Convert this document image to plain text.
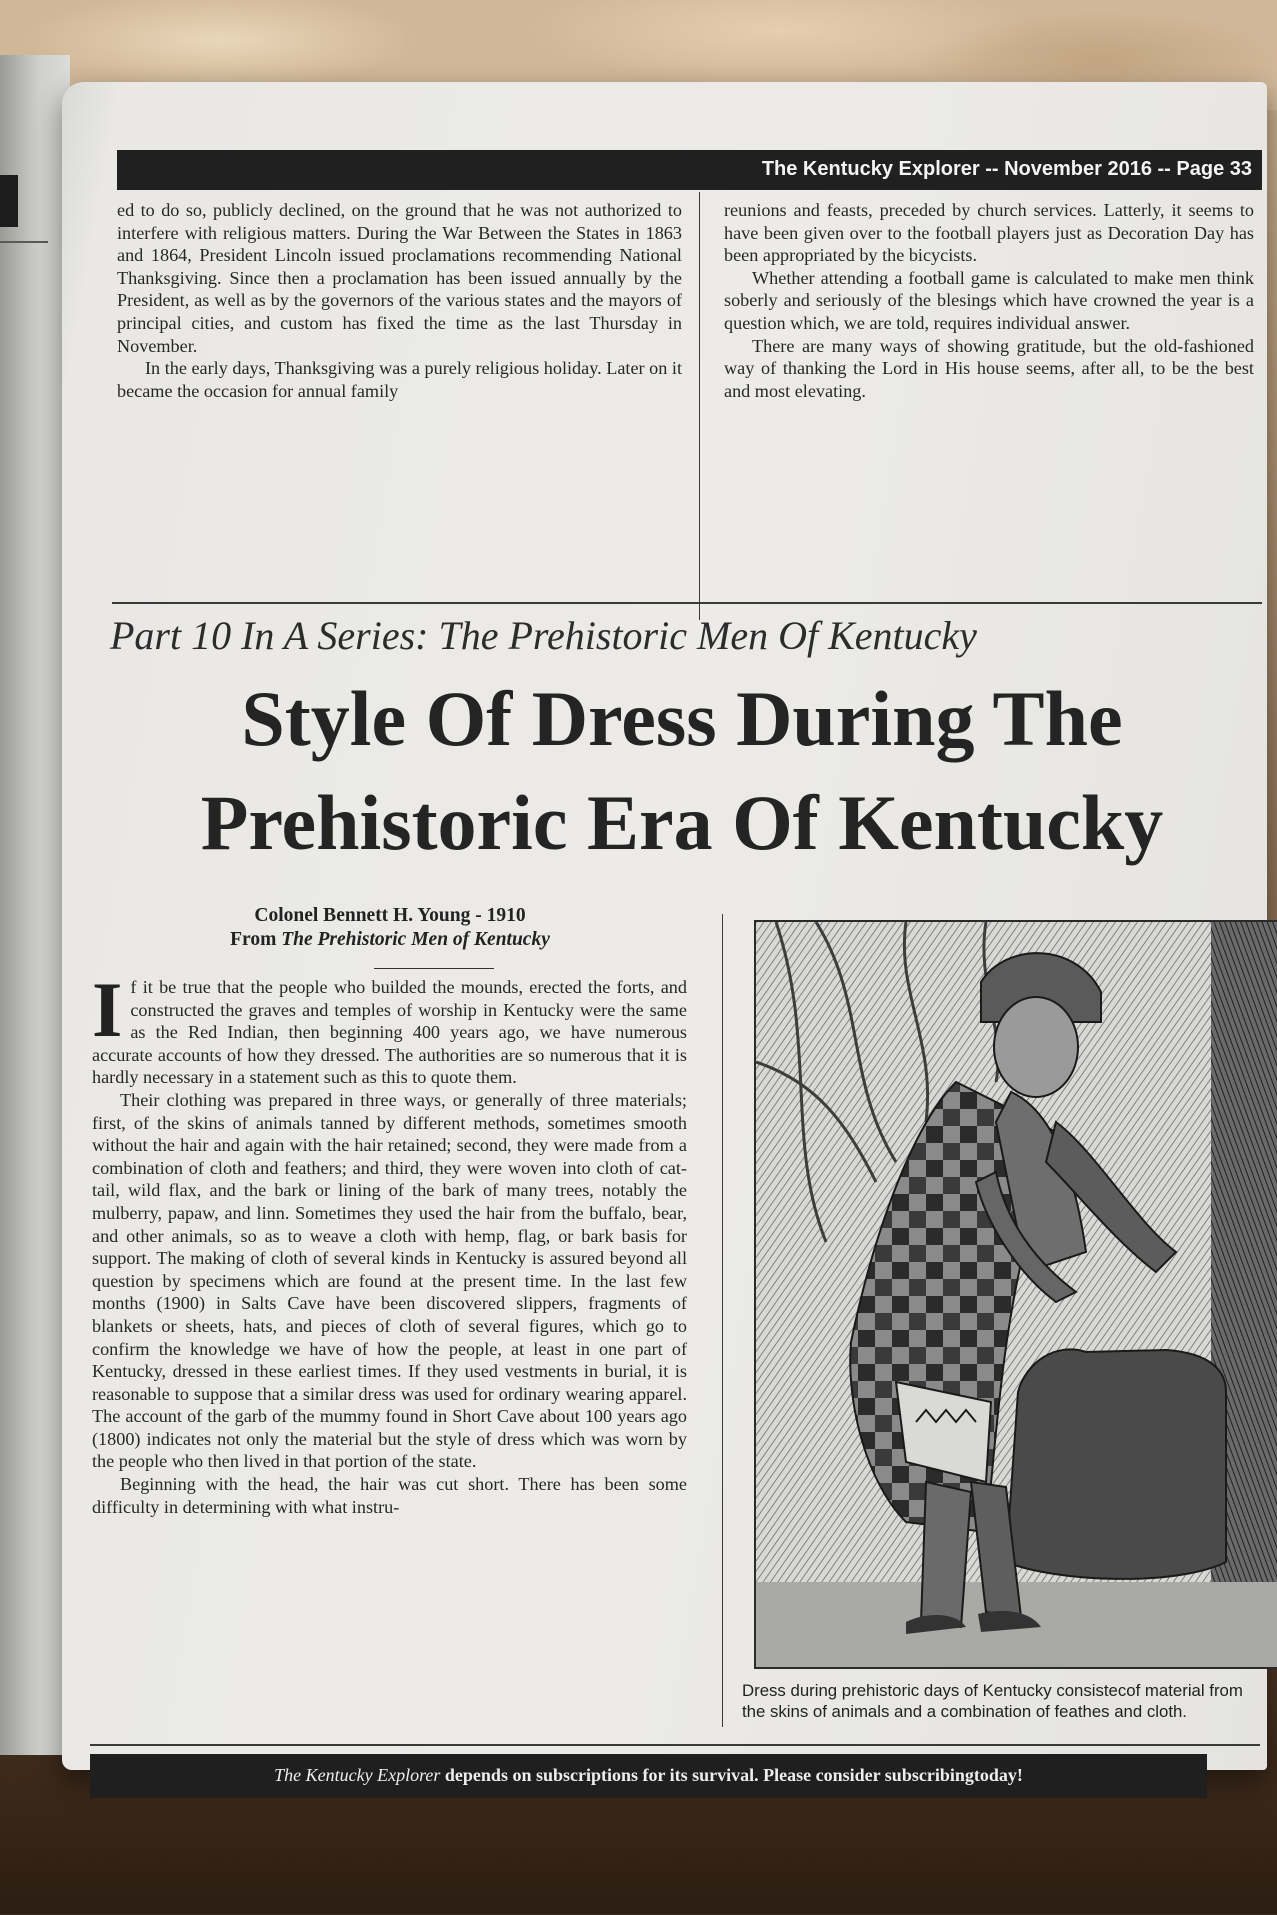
The Kentucky Explorer -- November 2016 -- Page 33

ed to do so, publicly declined, on the ground that he was not authorized to interfere with religious matters. During the War Between the States in 1863 and 1864, President Lincoln issued proclamations recommending National Thanksgiving. Since then a proclamation has been issued annually by the President, as well as by the governors of the various states and the mayors of principal cities, and custom has fixed the time as the last Thursday in November.

In the early days, Thanksgiving was a purely religious holiday. Later on it became the occasion for annual family

reunions and feasts, preceded by church services. Latterly, it seems to have been given over to the football players just as Decoration Day has been appropriated by the bicycists.

Whether attending a football game is calculated to make men think soberly and seriously of the blesings which have crowned the year is a question which, we are told, requires individual answer.

There are many ways of showing gratitude, but the old-fashioned way of thanking the Lord in His house seems, after all, to be the best and most elevating.

Part 10 In A Series: The Prehistoric Men Of Kentucky
Style Of Dress During The
Prehistoric Era Of Kentucky
Colonel Bennett H. Young - 1910
From The Prehistoric Men of Kentucky

If it be true that the people who builded the mounds, erected the forts, and constructed the graves and temples of worship in Kentucky were the same as the Red Indian, then beginning 400 years ago, we have numerous accurate accounts of how they dressed. The authorities are so numerous that it is hardly necessary in a statement such as this to quote them.

Their clothing was prepared in three ways, or generally of three materials; first, of the skins of animals tanned by different methods, sometimes smooth without the hair and again with the hair retained; second, they were made from a combination of cloth and feathers; and third, they were woven into cloth of cat-tail, wild flax, and the bark or lining of the bark of many trees, notably the mulberry, papaw, and linn. Sometimes they used the hair from the buffalo, bear, and other animals, so as to weave a cloth with hemp, flag, or bark basis for support. The making of cloth of several kinds in Kentucky is assured beyond all question by specimens which are found at the present time. In the last few months (1900) in Salts Cave have been discovered slippers, fragments of blankets or sheets, hats, and pieces of cloth of several figures, which go to confirm the knowledge we have of how the people, at least in one part of Kentucky, dressed in these earliest times. If they used vestments in burial, it is reasonable to suppose that a similar dress was used for ordinary wearing apparel. The account of the garb of the mummy found in Short Cave about 100 years ago (1800) indicates not only the material but the style of dress which was worn by the people who then lived in that portion of the state.

Beginning with the head, the hair was cut short. There has been some difficulty in determining with what instru-

Dress during prehistoric days of Kentucky consistecof material from the skins of animals and a combination of feathes and cloth.
The Kentucky Explorer depends on subscriptions for its survival. Please consider subscribingtoday!
